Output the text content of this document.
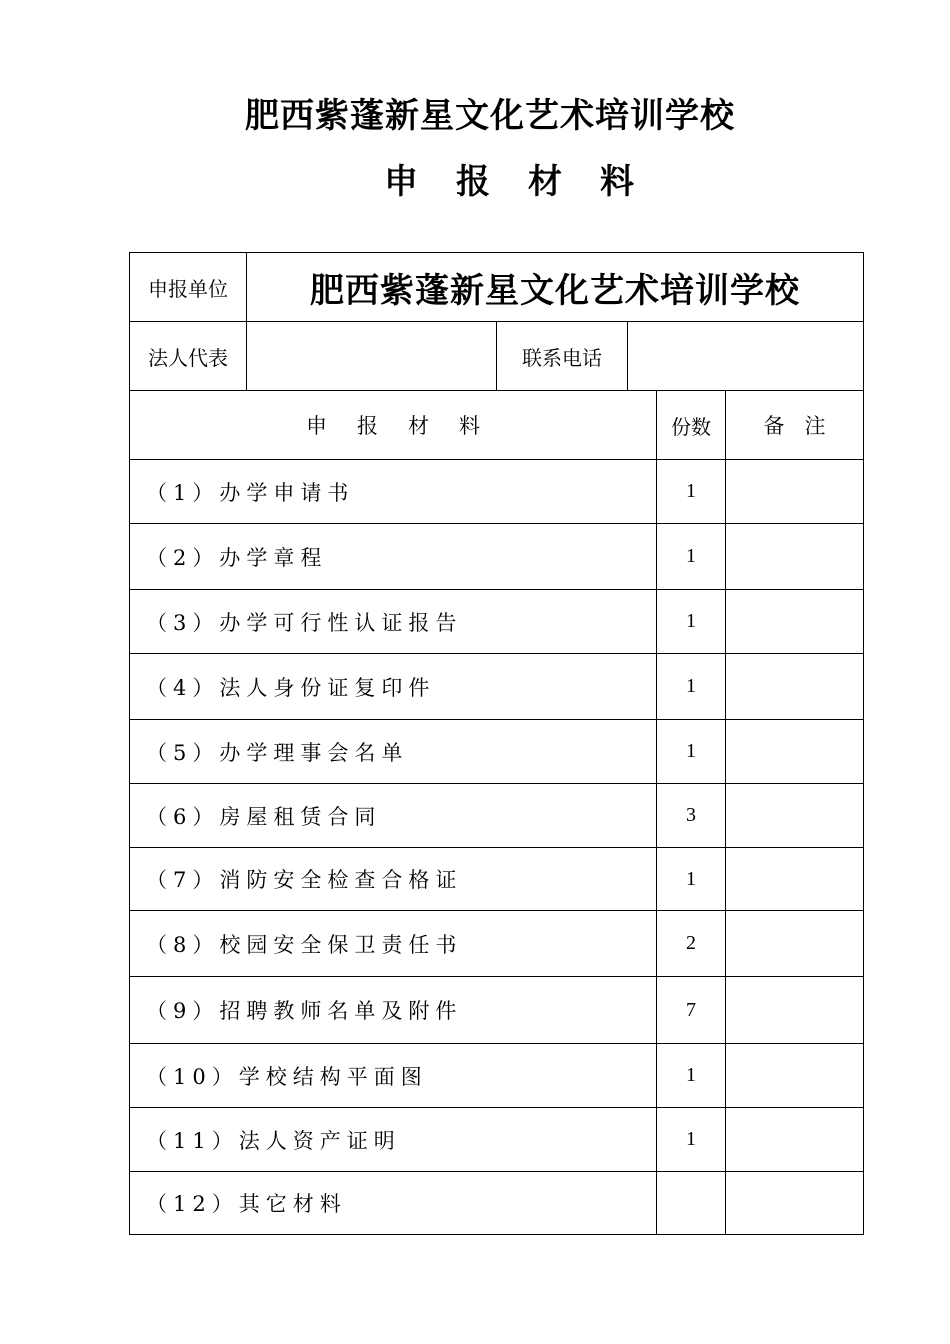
肥西紫蓬新星文化艺术培训学校
申报材料
申报单位	肥西紫蓬新星文化艺术培训学校				
法人代表		联系电话			
申报材料				份数	备注
（1）办学申请书				1	
（2）办学章程				1	
（3）办学可行性认证报告				1	
（4）法人身份证复印件				1	
（5）办学理事会名单				1	
（6）房屋租赁合同				3	
（7）消防安全检查合格证				1	
（8）校园安全保卫责任书				2	
（9）招聘教师名单及附件				7	
（10）学校结构平面图				1	
（11）法人资产证明				1	
（12）其它材料					
